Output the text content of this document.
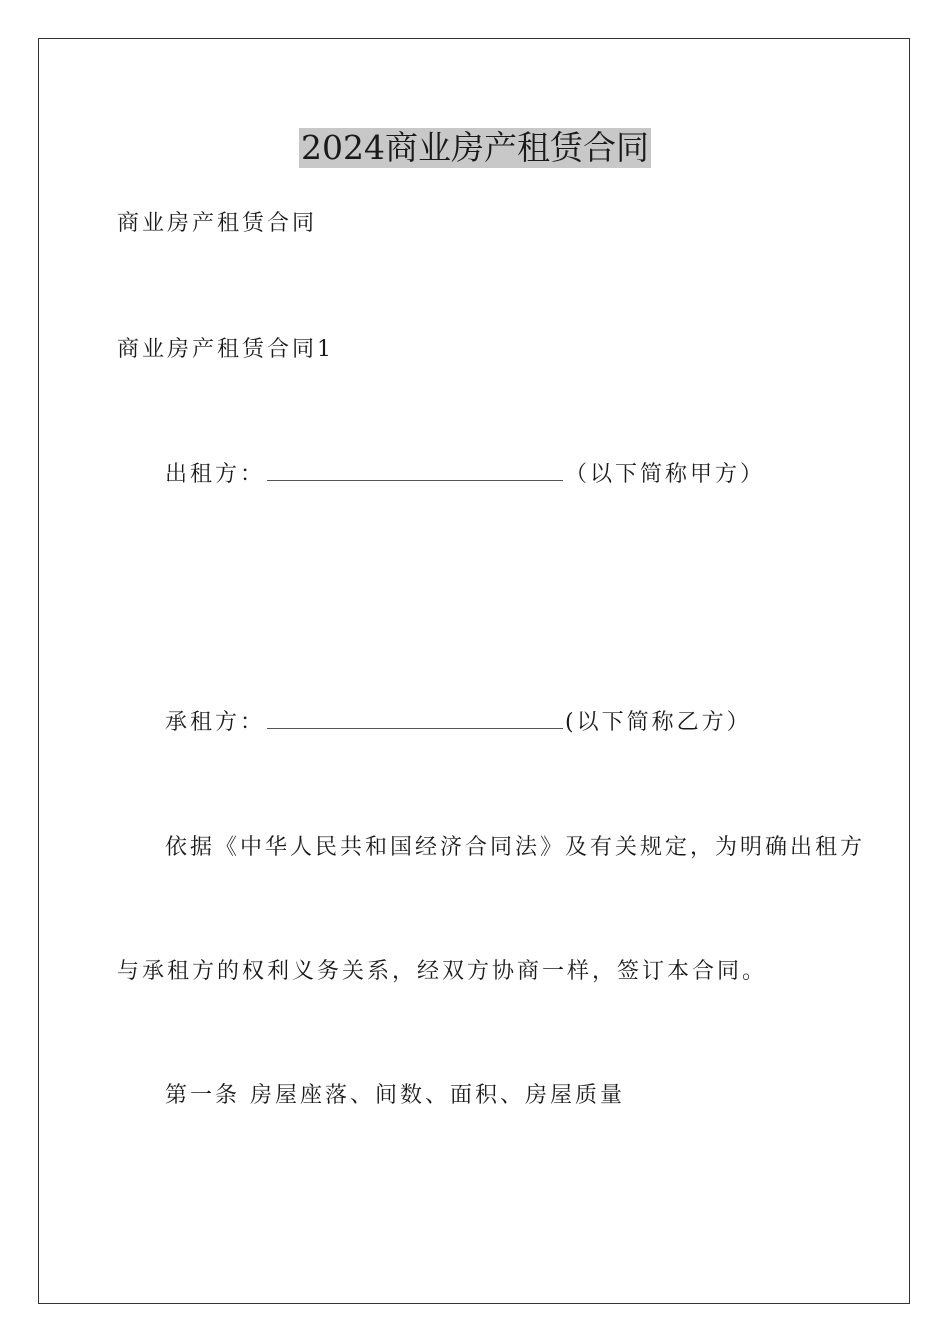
2024商业房产租赁合同
商业房产租赁合同
商业房产租赁合同1
出租方：	（以下简称甲方）
承租方：	(以下简称乙方）
依据《中华人民共和国经济合同法》及有关规定，为明确出租方
与承租方的权利义务关系，经双方协商一样，签订本合同。
第一条 房屋座落、间数、面积、房屋质量
